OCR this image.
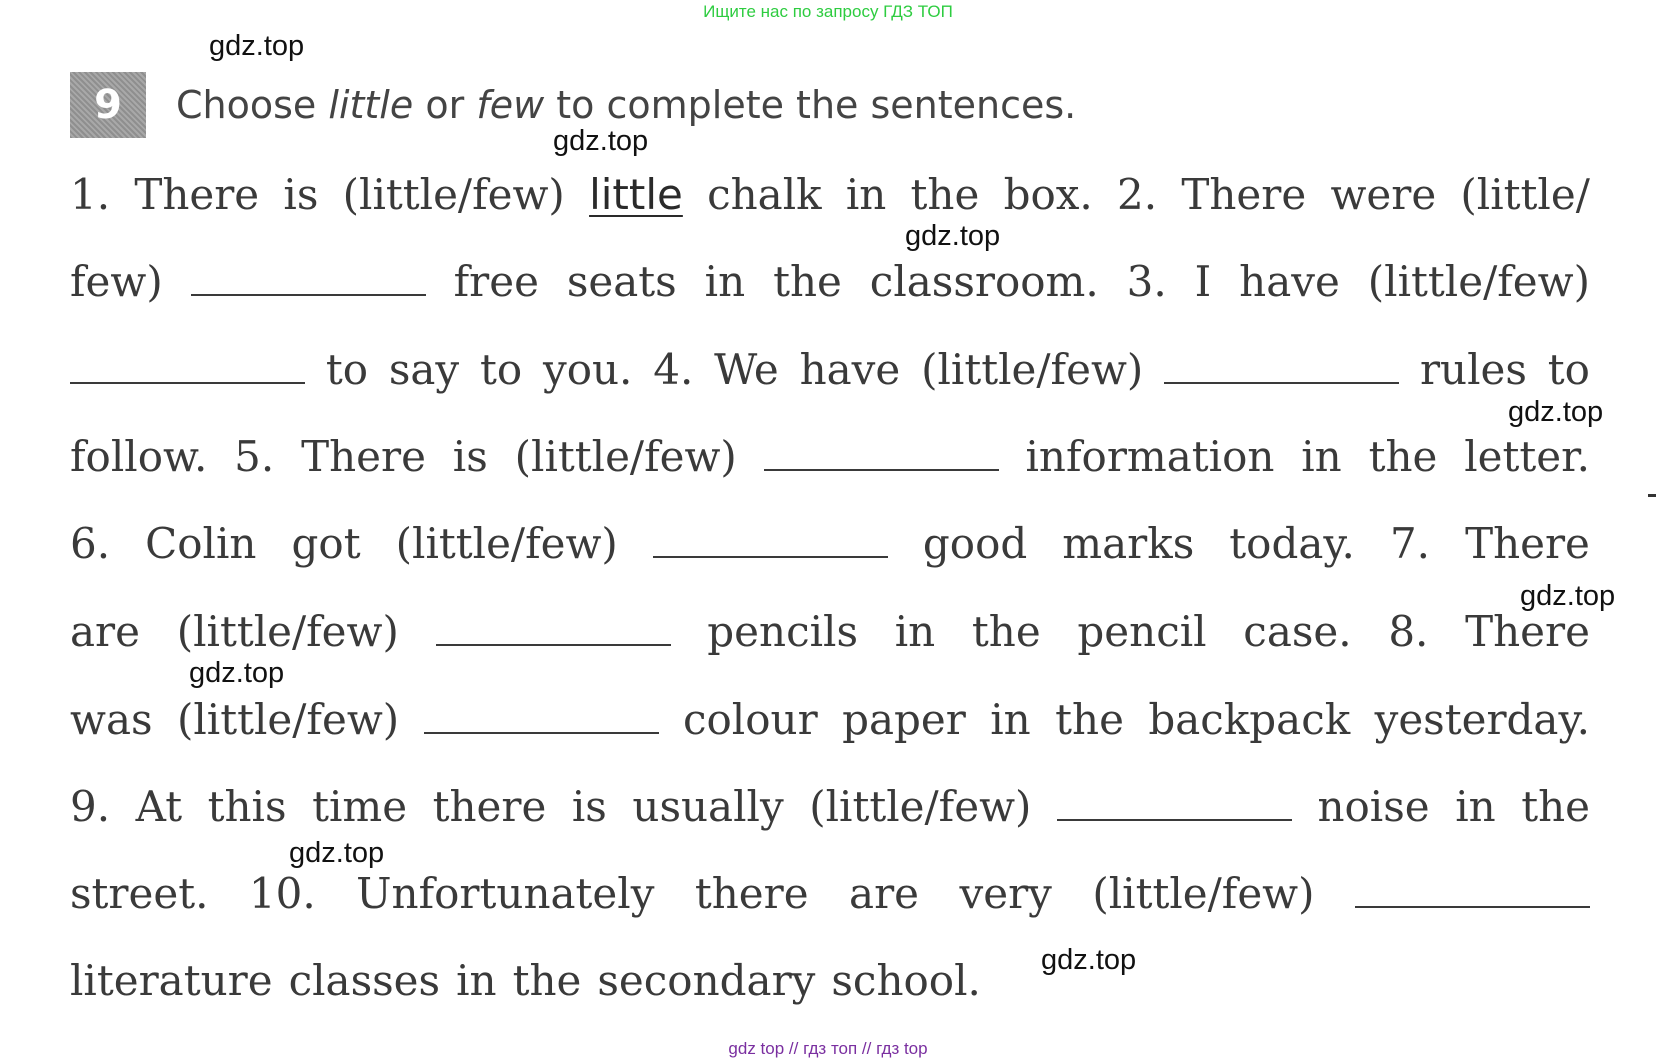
Ищите нас по запросу ГДЗ ТОП
9	Choose little or few to complete the sentences.
1. There is (little/few) little chalk in the box. 2. There were (little/
few)	free seats in the classroom. 3. I have (little/few)
to say to you. 4. We have (little/few)	rules to
follow. 5. There is (little/few)	information in the letter.
6. Colin got (little/few)	good marks today. 7. There
are (little/few)	pencils in the pencil case. 8. There
was (little/few)	colour paper in the backpack yesterday.
9. At this time there is usually (little/few)	noise in the
street. 10. Unfortunately there are very (little/few)
literature classes in the secondary school.
gdz.top
gdz.top
gdz.top
gdz.top
gdz.top
gdz.top
gdz.top
gdz.top
gdz top // гдз топ // гдз top
